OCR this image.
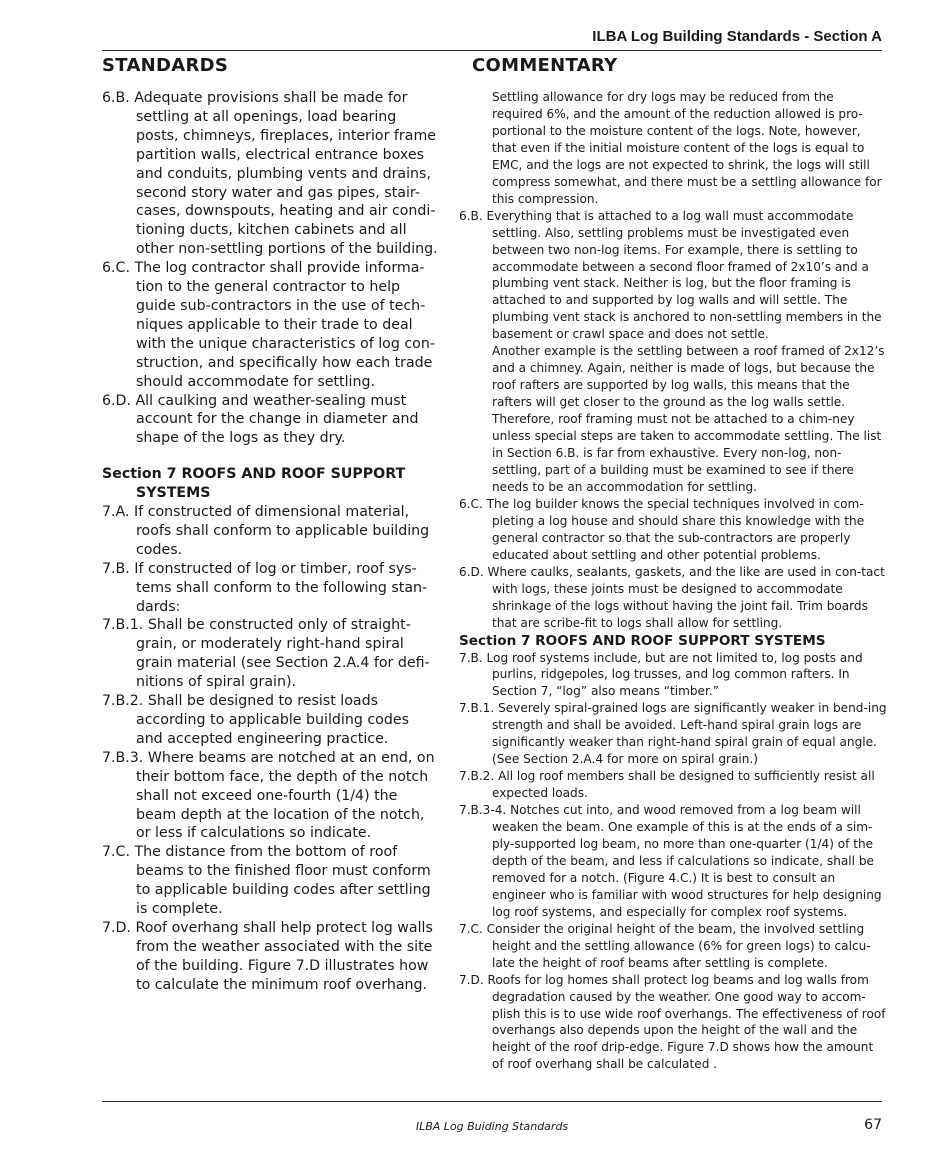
ILBA Log Building Standards - Section A
STANDARDS	COMMENTARY

6.B. Adequate provisions shall be made for settling at all openings, load bearing posts, chimneys, fireplaces, interior frame partition walls, electrical entrance boxes and conduits, plumbing vents and drains, second story water and gas pipes, stair-cases, downspouts, heating and air condi-tioning ducts, kitchen cabinets and all other non-settling portions of the building.

6.C. The log contractor shall provide informa-tion to the general contractor to help guide sub-contractors in the use of tech-niques applicable to their trade to deal with the unique characteristics of log con-struction, and specifically how each trade should accommodate for settling.

6.D. All caulking and weather-sealing must account for the change in diameter and shape of the logs as they dry.

Section 7 ROOFS AND ROOF SUPPORT SYSTEMS

7.A. If constructed of dimensional material, roofs shall conform to applicable building codes.

7.B. If constructed of log or timber, roof sys-tems shall conform to the following stan-dards:

7.B.1. Shall be constructed only of straight-grain, or moderately right-hand spiral grain material (see Section 2.A.4 for defi-nitions of spiral grain).

7.B.2. Shall be designed to resist loads according to applicable building codes and accepted engineering practice.

7.B.3. Where beams are notched at an end, on their bottom face, the depth of the notch shall not exceed one-fourth (1/4) the beam depth at the location of the notch, or less if calculations so indicate.

7.C. The distance from the bottom of roof beams to the finished floor must conform to applicable building codes after settling is complete.

7.D. Roof overhang shall help protect log walls from the weather associated with the site of the building. Figure 7.D illustrates how to calculate the minimum roof overhang.

Settling allowance for dry logs may be reduced from the required 6%, and the amount of the reduction allowed is pro-portional to the moisture content of the logs. Note, however, that even if the initial moisture content of the logs is equal to EMC, and the logs are not expected to shrink, the logs will still compress somewhat, and there must be a settling allowance for this compression.

6.B. Everything that is attached to a log wall must accommodate settling. Also, settling problems must be investigated even between two non-log items. For example, there is settling to accommodate between a second floor framed of 2x10’s and a plumbing vent stack. Neither is log, but the floor framing is attached to and supported by log walls and will settle. The plumbing vent stack is anchored to non-settling members in the basement or crawl space and does not settle.

Another example is the settling between a roof framed of 2x12’s and a chimney. Again, neither is made of logs, but because the roof rafters are supported by log walls, this means that the rafters will get closer to the ground as the log walls settle. Therefore, roof framing must not be attached to a chim-ney unless special steps are taken to accommodate settling. The list in Section 6.B. is far from exhaustive. Every non-log, non-settling, part of a building must be examined to see if there needs to be an accommodation for settling.

6.C. The log builder knows the special techniques involved in com-pleting a log house and should share this knowledge with the general contractor so that the sub-contractors are properly educated about settling and other potential problems.

6.D. Where caulks, sealants, gaskets, and the like are used in con-tact with logs, these joints must be designed to accommodate shrinkage of the logs without having the joint fail. Trim boards that are scribe-fit to logs shall allow for settling.

Section 7 ROOFS AND ROOF SUPPORT SYSTEMS

7.B. Log roof systems include, but are not limited to, log posts and purlins, ridgepoles, log trusses, and log common rafters. In Section 7, “log” also means “timber.”

7.B.1. Severely spiral-grained logs are significantly weaker in bend-ing strength and shall be avoided. Left-hand spiral grain logs are significantly weaker than right-hand spiral grain of equal angle. (See Section 2.A.4 for more on spiral grain.)

7.B.2. All log roof members shall be designed to sufficiently resist all expected loads.

7.B.3-4. Notches cut into, and wood removed from a log beam will weaken the beam. One example of this is at the ends of a sim-ply-supported log beam, no more than one-quarter (1/4) of the depth of the beam, and less if calculations so indicate, shall be removed for a notch. (Figure 4.C.) It is best to consult an engineer who is familiar with wood structures for help designing log roof systems, and especially for complex roof systems.

7.C. Consider the original height of the beam, the involved settling height and the settling allowance (6% for green logs) to calcu-late the height of roof beams after settling is complete.

7.D. Roofs for log homes shall protect log beams and log walls from degradation caused by the weather. One good way to accom-plish this is to use wide roof overhangs. The effectiveness of roof overhangs also depends upon the height of the wall and the height of the roof drip-edge. Figure 7.D shows how the amount of roof overhang shall be calculated .

ILBA Log Buiding Standards	67
